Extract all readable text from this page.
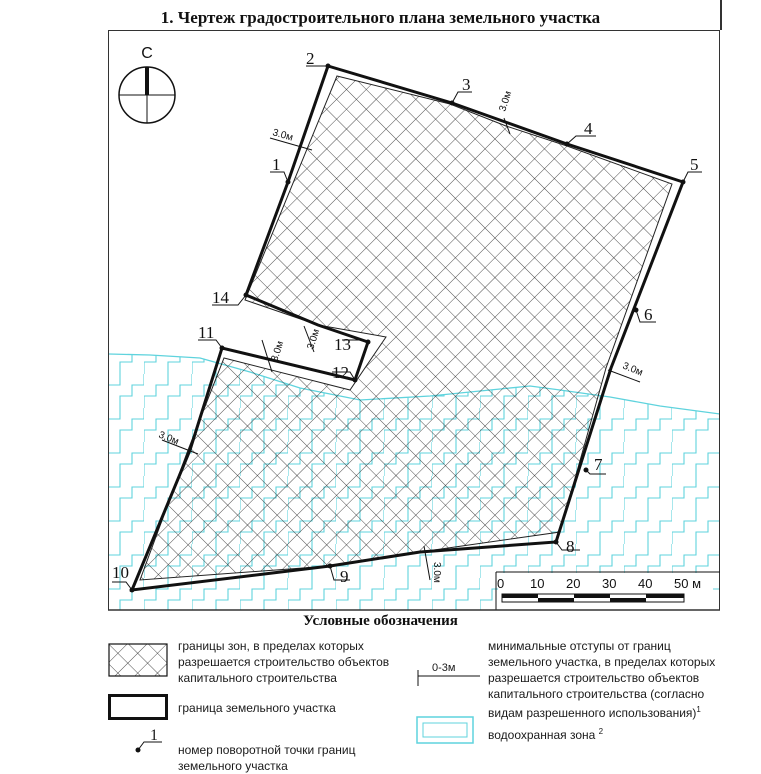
1. Чертеж градостроительного плана земельного участка
1
2
3
4
5
6
7
8
9
10
11
12
13
14
3.0м
3.0м
3.0м
3.0м
3.0м
3.0м
3.0м
С
0 10 20 30 40 50 м
Условные обозначения
границы зон, в пределах которых разрешается строительство объектов капитального строительства
граница земельного участка
1
номер поворотной точки границ земельного участка
0-3м
минимальные отступы от границ земельного участка, в пределах которых разрешается строительство объектов капитального строительства (согласно видам разрешенного использования)$^1$
водоохранная зона $^2$
